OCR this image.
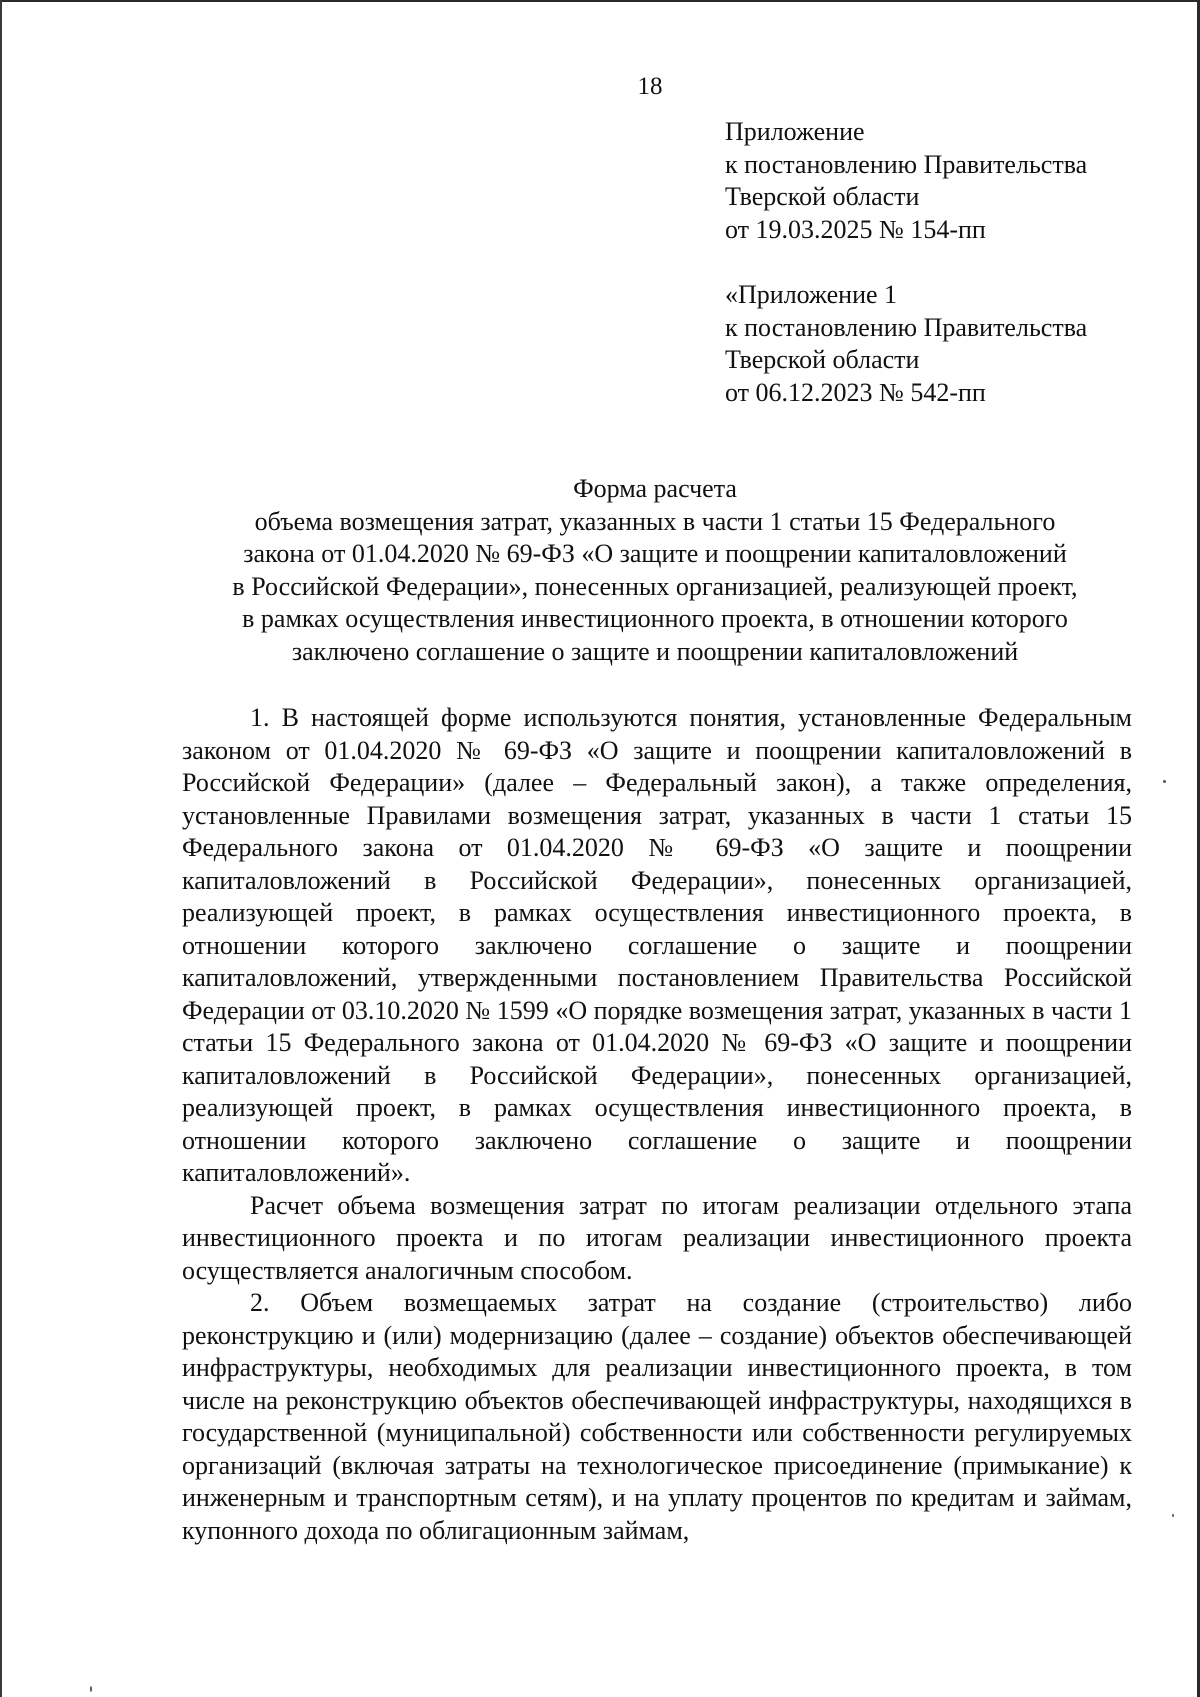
18
Приложение
к постановлению Правительства
Тверской области
от 19.03.2025 № 154-пп
«Приложение 1
к постановлению Правительства
Тверской области
от 06.12.2023 № 542-пп
Форма расчета
объема возмещения затрат, указанных в части 1 статьи 15 Федерального
закона от 01.04.2020 № 69-ФЗ «О защите и поощрении капиталовложений
в Российской Федерации», понесенных организацией, реализующей проект,
в рамках осуществления инвестиционного проекта, в отношении которого
заключено соглашение о защите и поощрении капиталовложений

1. В настоящей форме используются понятия, установленные Федеральным законом от 01.04.2020 № 69-ФЗ «О защите и поощрении капиталовложений в Российской Федерации» (далее – Федеральный закон), а также определения, установленные Правилами возмещения затрат, указанных в части 1 статьи 15 Федерального закона от 01.04.2020 № 69-ФЗ «О защите и поощрении капиталовложений в Российской Федерации», понесенных организацией, реализующей проект, в рамках осуществления инвестиционного проекта, в отношении которого заключено соглашение о защите и поощрении капиталовложений, утвержденными постановлением Правительства Российской Федерации от 03.10.2020 № 1599 «О порядке возмещения затрат, указанных в части 1 статьи 15 Федерального закона от 01.04.2020 № 69-ФЗ «О защите и поощрении капиталовложений в Российской Федерации», понесенных организацией, реализующей проект, в рамках осуществления инвестиционного проекта, в отношении которого заключено соглашение о защите и поощрении капиталовложений».

Расчет объема возмещения затрат по итогам реализации отдельного этапа инвестиционного проекта и по итогам реализации инвестиционного проекта осуществляется аналогичным способом.

2. Объем возмещаемых затрат на создание (строительство) либо реконструкцию и (или) модернизацию (далее – создание) объектов обеспечивающей инфраструктуры, необходимых для реализации инвестиционного проекта, в том числе на реконструкцию объектов обеспечивающей инфраструктуры, находящихся в государственной (муниципальной) собственности или собственности регулируемых организаций (включая затраты на технологическое присоединение (примыкание) к инженерным и транспортным сетям), и на уплату процентов по кредитам и займам, купонного дохода по облигационным займам,
